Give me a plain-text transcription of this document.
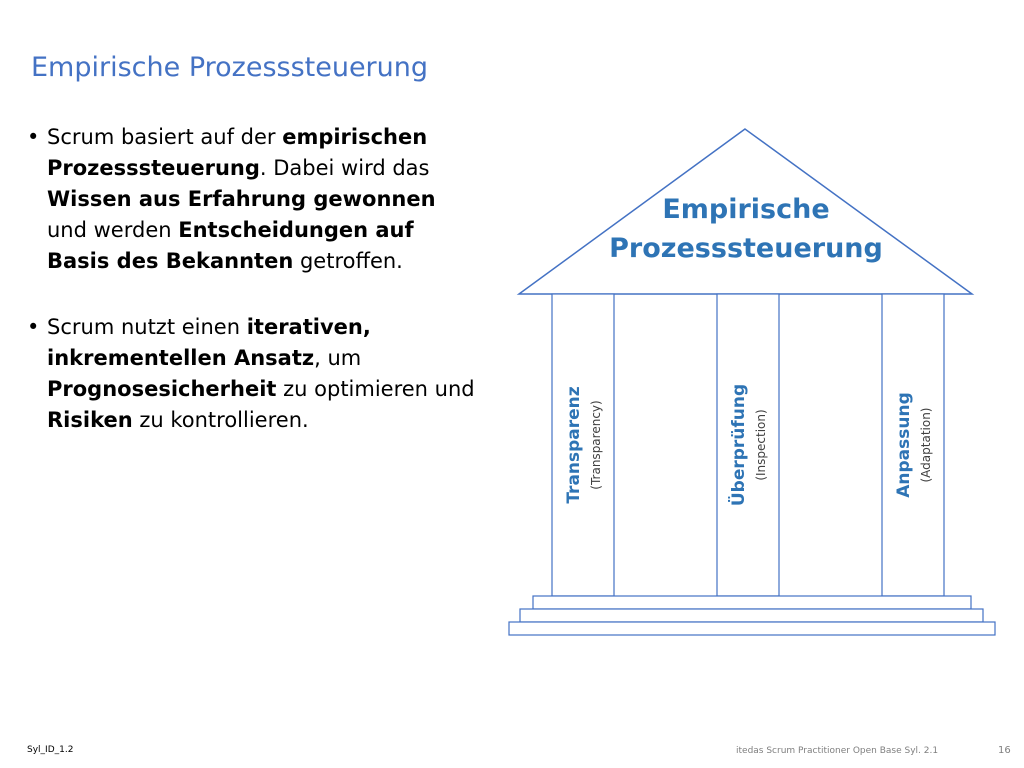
Empirische Prozesssteuerung
• Scrum basiert auf der empirischen Prozesssteuerung. Dabei wird das Wissen aus Erfahrung gewonnen und werden Entscheidungen auf Basis des Bekannten getroffen.
• Scrum nutzt einen iterativen, inkrementellen Ansatz, um Prognosesicherheit zu optimieren und Risiken zu kontrollieren.
Empirische
Prozesssteuerung
Transparenz (Transparency)	Überprüfung (Inspection)	Anpassung (Adaptation)
Syl_ID_1.2	itedas Scrum Practitioner Open Base Syl. 2.1	16
